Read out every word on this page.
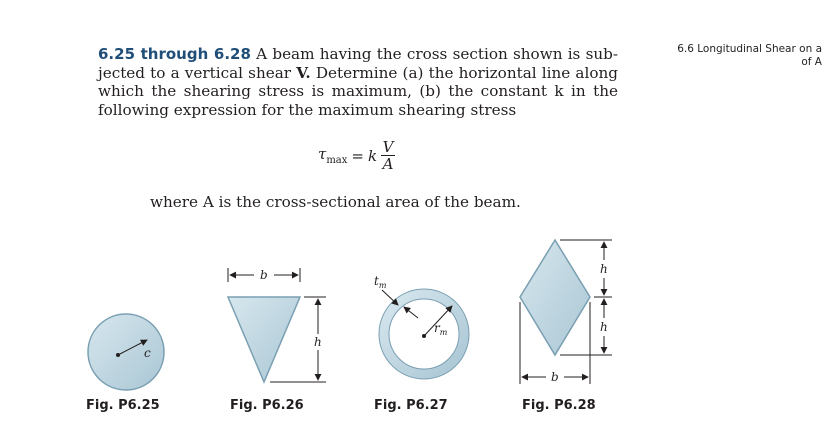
6.6 Longitudinal Shear on a
of A
6.25 through 6.28 A beam having the cross section shown is sub-jected to a vertical shear V. Determine (a) the horizontal line along which the shearing stress is maximum, (b) the constant k in the following expression for the maximum shearing stress
$\tau_{max} = k \frac{V}{A}$
where A is the cross-sectional area of the beam.
c
b
h
$r_m$
$t_m$
h
h
b
Fig. P6.25	Fig. P6.26	Fig. P6.27	Fig. P6.28
